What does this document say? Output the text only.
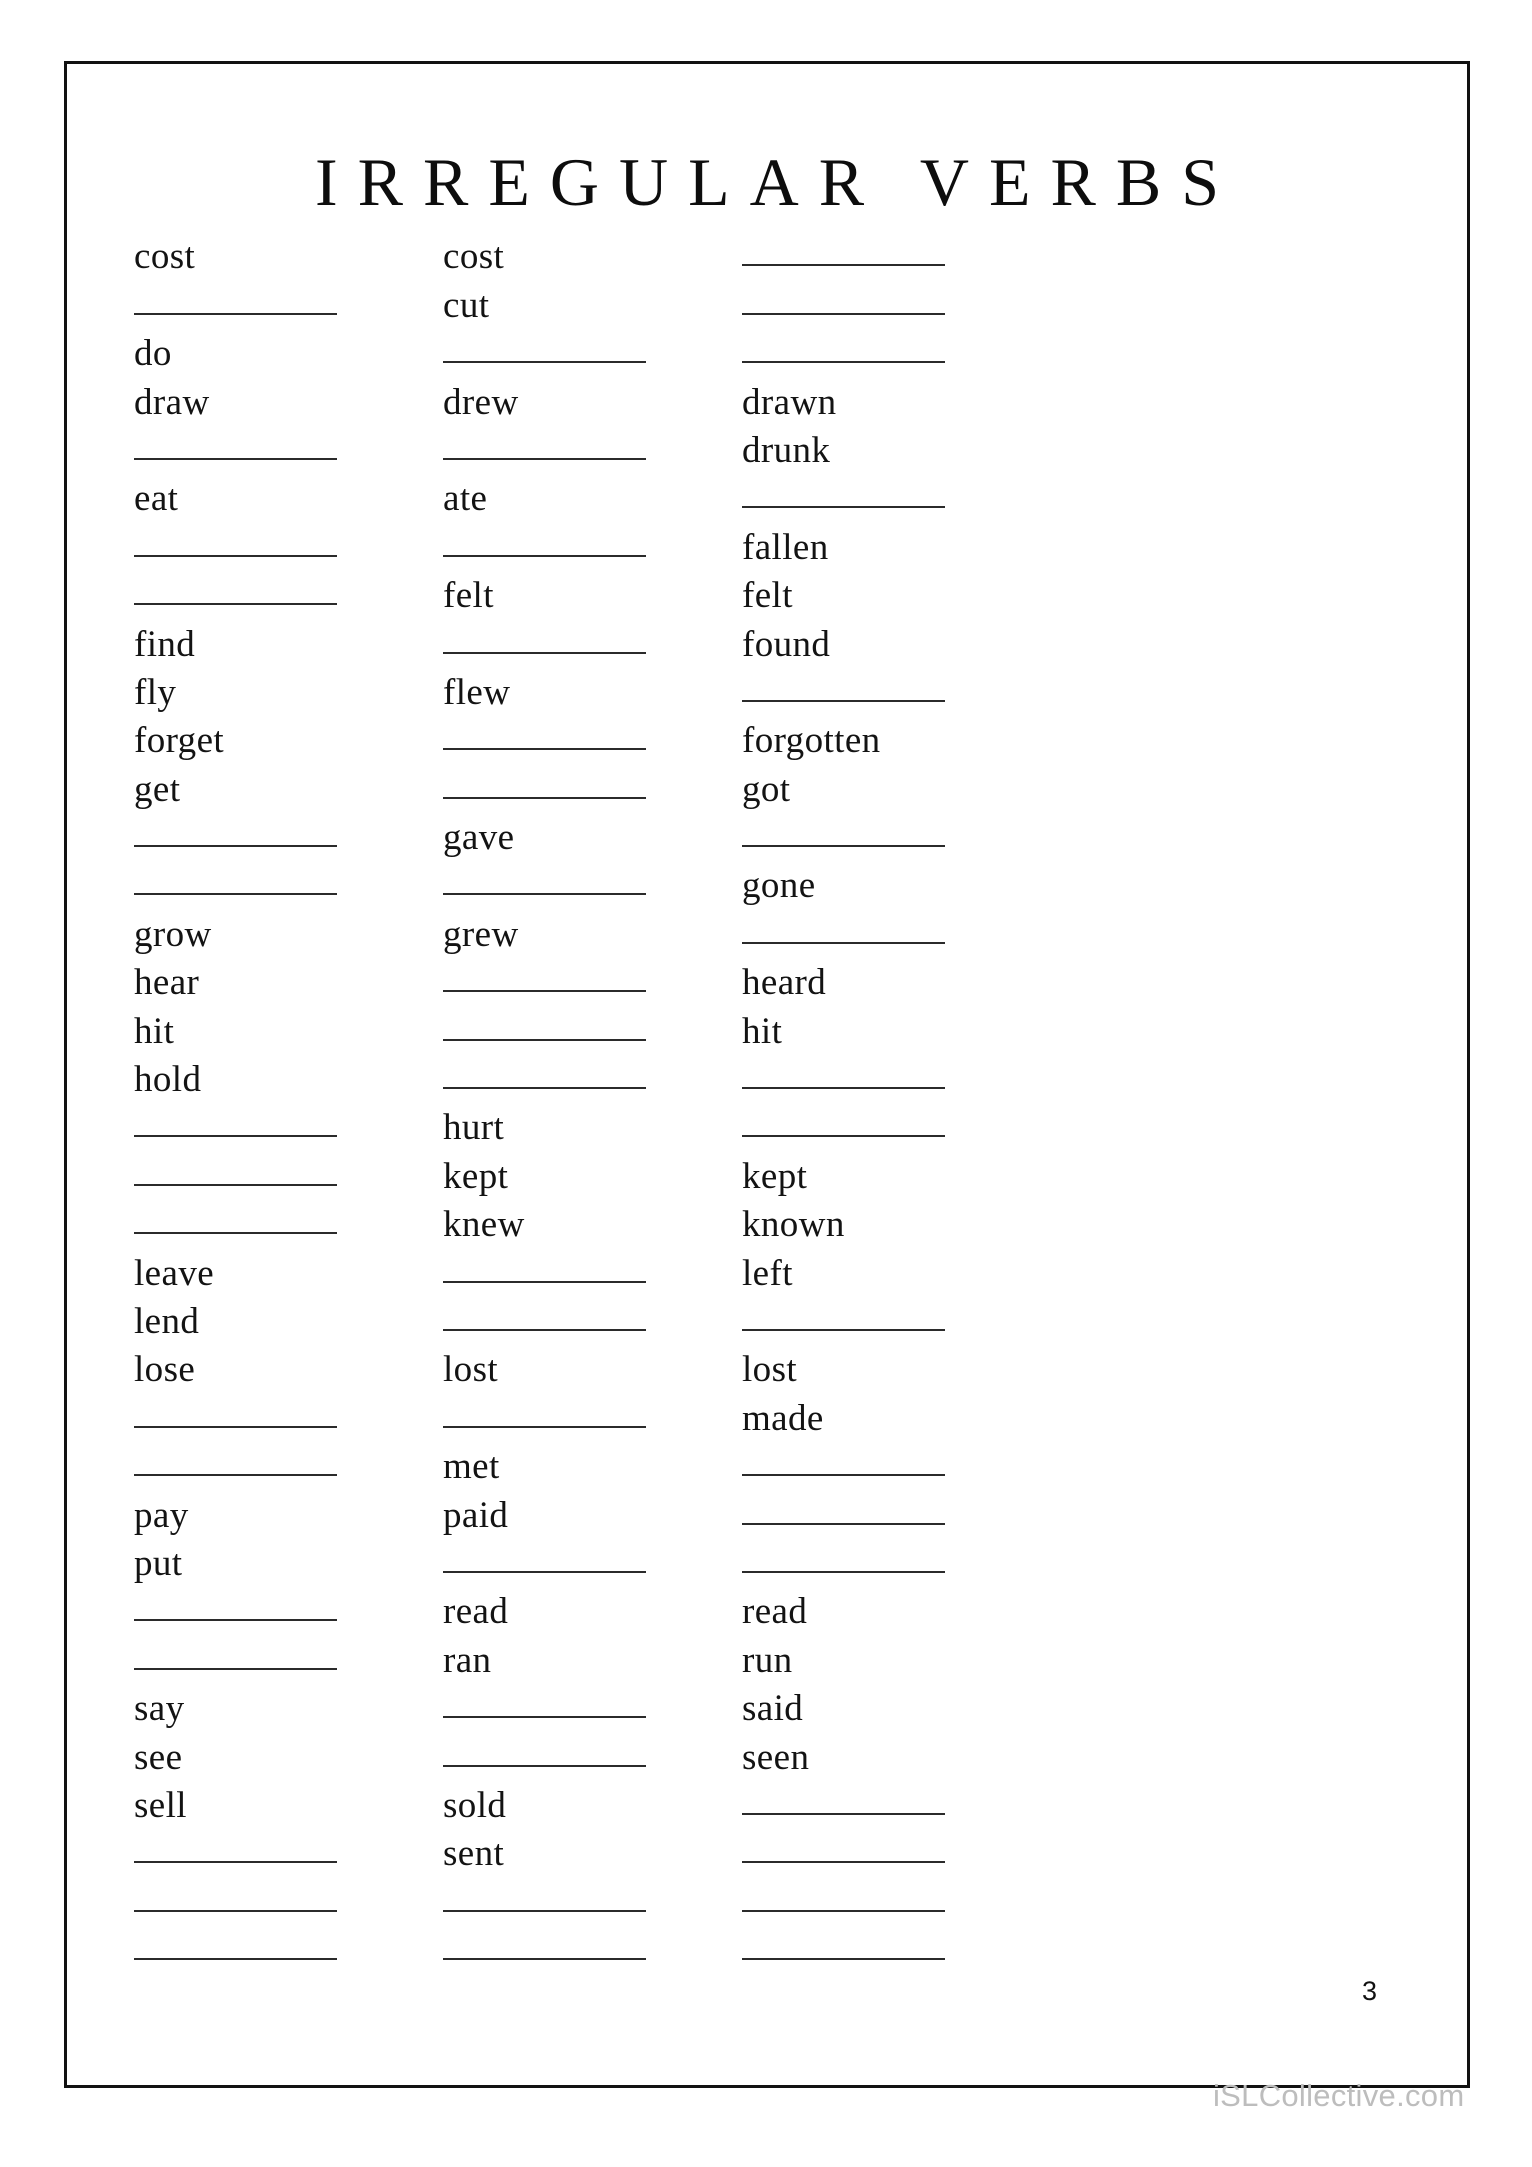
IRREGULAR VERBS
cost
do
draw
eat
find
fly
forget
get
grow
hear
hit
hold
leave
lend
lose
pay
put
say
see
sell
cost
cut
drew
ate
felt
flew
gave
grew
hurt
kept
knew
lost
met
paid
read
ran
sold
sent
drawn
drunk
fallen
felt
found
forgotten
got
gone
heard
hit
kept
known
left
lost
made
read
run
said
seen
3
iSLCollective.com
